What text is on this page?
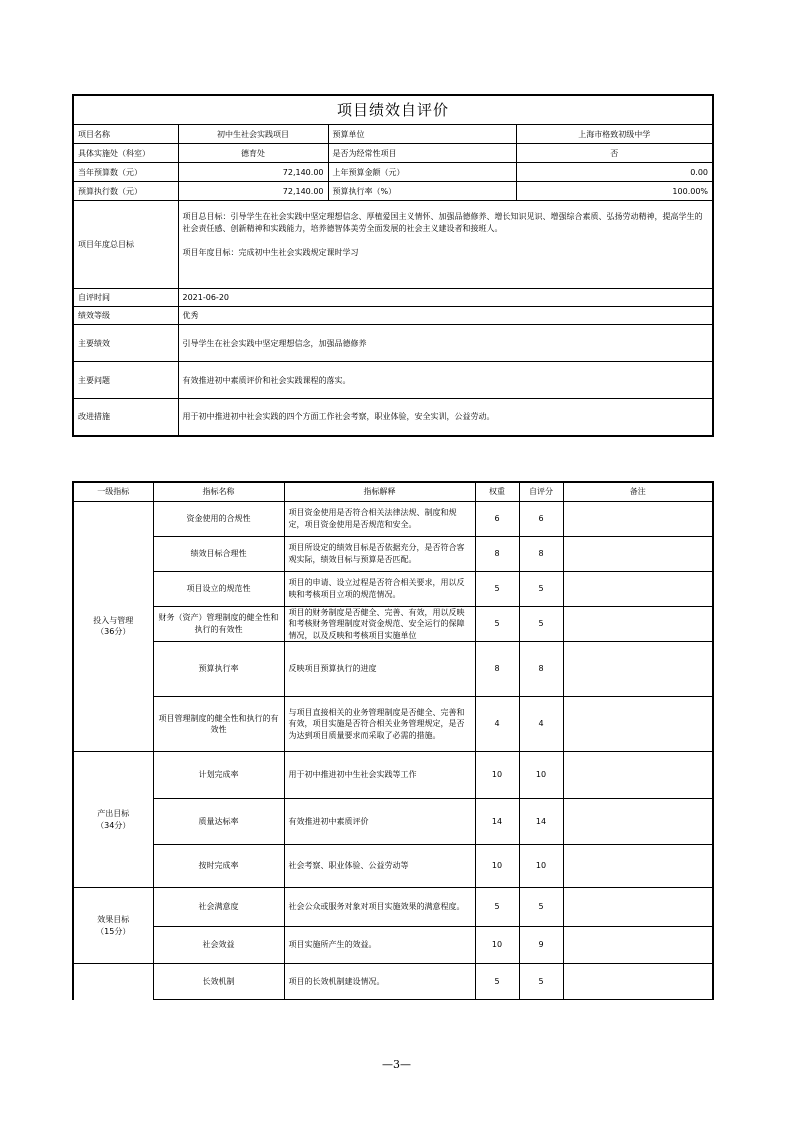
项目绩效自评价			
项目名称	初中生社会实践项目	预算单位	上海市格致初级中学
具体实施处（科室）	德育处	是否为经常性项目	否
当年预算数（元）	72,140.00	上年预算金额（元）	0.00
预算执行数（元）	72,140.00	预算执行率（%）	100.00%
项目年度总目标	项目总目标：引导学生在社会实践中坚定理想信念、厚植爱国主义情怀、加强品德修养、增长知识见识、增强综合素质、弘扬劳动精神，提高学生的社会责任感、创新精神和实践能力，培养德智体美劳全面发展的社会主义建设者和接班人。

项目年度目标：完成初中生社会实践规定课时学习		

自评时间	2021-06-20		
绩效等级	优秀		
主要绩效	引导学生在社会实践中坚定理想信念，加强品德修养		
主要问题	有效推进初中素质评价和社会实践课程的落实。		
改进措施	用于初中推进初中社会实践的四个方面工作社会考察，职业体验，安全实训，公益劳动。		
一级指标	指标名称	指标解释	权重	自评分	备注

投入与管理
（36分）	资金使用的合规性	项目资金使用是否符合相关法律法规、制度和规定，项目资金使用是否规范和安全。	6	6	
	绩效目标合理性	项目所设定的绩效目标是否依据充分，是否符合客观实际，绩效目标与预算是否匹配。	8	8	
	项目设立的规范性	项目的申请、设立过程是否符合相关要求，用以反映和考核项目立项的规范情况。	5	5	
	财务（资产）管理制度的健全性和执行的有效性	项目的财务制度是否健全、完善、有效，用以反映和考核财务管理制度对资金规范、安全运行的保障情况，以及反映和考核项目实施单位	5	5	
	预算执行率	反映项目预算执行的进度	8	8	
	项目管理制度的健全性和执行的有效性	与项目直接相关的业务管理制度是否健全、完善和有效，项目实施是否符合相关业务管理规定，是否为达到项目质量要求而采取了必需的措施。	4	4	

产出目标
（34分）	计划完成率	用于初中推进初中生社会实践等工作	10	10	
	质量达标率	有效推进初中素质评价	14	14	
	按时完成率	社会考察、职业体验、公益劳动等	10	10	

效果目标
（15分）	社会满意度	社会公众或服务对象对项目实施效果的满意程度。	5	5	
	社会效益	项目实施所产生的效益。	10	9	
	长效机制	项目的长效机制建设情况。	5	5	
—3—
